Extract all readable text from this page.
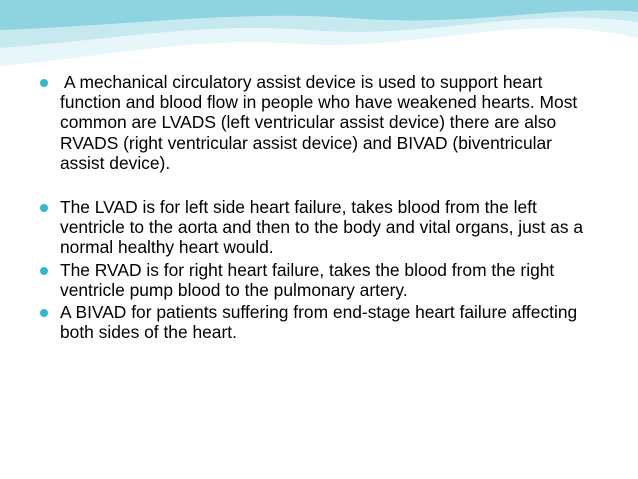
A mechanical circulatory assist device is used to support heart function and blood flow in people who have weakened hearts. Most common are LVADS (left ventricular assist device) there are also RVADS (right ventricular assist device) and BIVAD (biventricular assist device).
The LVAD is for left side heart failure, takes blood from the left ventricle to the aorta and then to the body and vital organs, just as a normal healthy heart would.
The RVAD is for right heart failure, takes the blood from the right ventricle pump blood to the pulmonary artery.
A BIVAD for patients suffering from end-stage heart failure affecting both sides of the heart.
